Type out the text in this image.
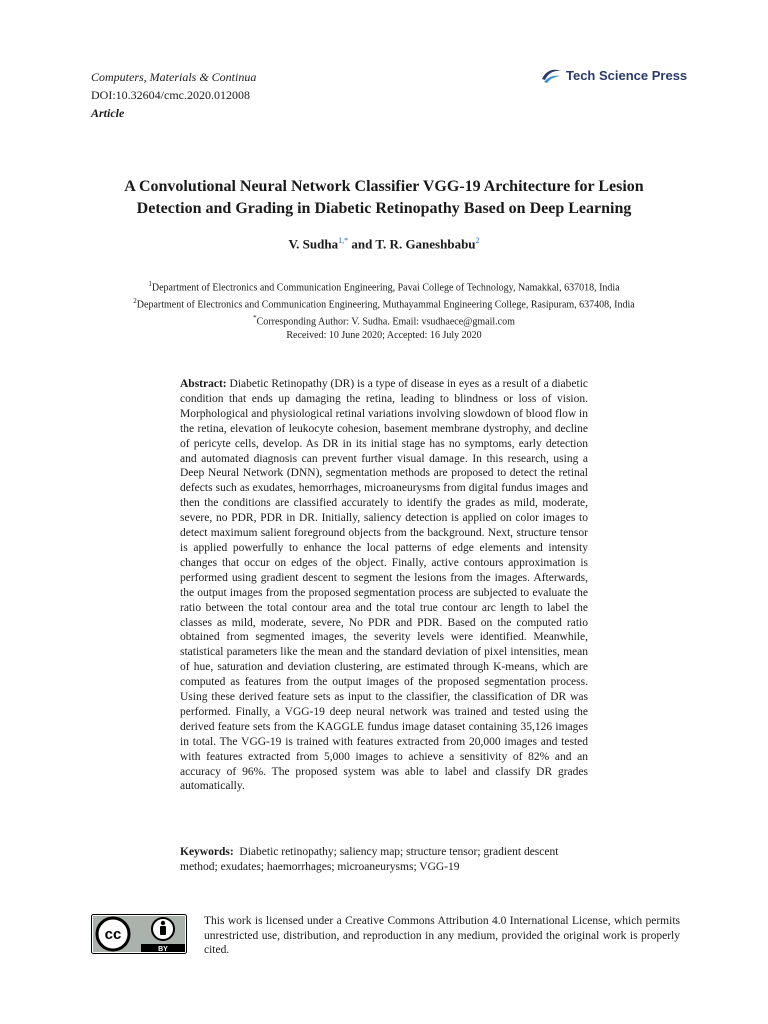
Computers, Materials & Continua
DOI:10.32604/cmc.2020.012008
Article
Tech Science Press
A Convolutional Neural Network Classifier VGG-19 Architecture for Lesion
Detection and Grading in Diabetic Retinopathy Based on Deep Learning
V. Sudha$^{1,*}$ and T. R. Ganeshbabu$^2$
$^1$Department of Electronics and Communication Engineering, Pavai College of Technology, Namakkal, 637018, India
$^2$Department of Electronics and Communication Engineering, Muthayammal Engineering College, Rasipuram, 637408, India
*Corresponding Author: V. Sudha. Email: vsudhaece@gmail.com
Received: 10 June 2020; Accepted: 16 July 2020

Abstract: Diabetic Retinopathy (DR) is a type of disease in eyes as a result of a diabetic condition that ends up damaging the retina, leading to blindness or loss of vision. Morphological and physiological retinal variations involving slowdown of blood flow in the retina, elevation of leukocyte cohesion, basement membrane dystrophy, and decline of pericyte cells, develop. As DR in its initial stage has no symptoms, early detection and automated diagnosis can prevent further visual damage. In this research, using a Deep Neural Network (DNN), segmentation methods are proposed to detect the retinal defects such as exudates, hemorrhages, microaneurysms from digital fundus images and then the conditions are classified accurately to identify the grades as mild, moderate, severe, no PDR, PDR in DR. Initially, saliency detection is applied on color images to detect maximum salient foreground objects from the background. Next, structure tensor is applied powerfully to enhance the local patterns of edge elements and intensity changes that occur on edges of the object. Finally, active contours approximation is performed using gradient descent to segment the lesions from the images. Afterwards, the output images from the proposed segmentation process are subjected to evaluate the ratio between the total contour area and the total true contour arc length to label the classes as mild, moderate, severe, No PDR and PDR. Based on the computed ratio obtained from segmented images, the severity levels were identified. Meanwhile, statistical parameters like the mean and the standard deviation of pixel intensities, mean of hue, saturation and deviation clustering, are estimated through K-means, which are computed as features from the output images of the proposed segmentation process. Using these derived feature sets as input to the classifier, the classification of DR was performed. Finally, a VGG-19 deep neural network was trained and tested using the derived feature sets from the KAGGLE fundus image dataset containing 35,126 images in total. The VGG-19 is trained with features extracted from 20,000 images and tested with features extracted from 5,000 images to achieve a sensitivity of 82% and an accuracy of 96%. The proposed system was able to label and classify DR grades automatically.

Keywords: Diabetic retinopathy; saliency map; structure tensor; gradient descent method; exudates; haemorrhages; microaneurysms; VGG-19

cc
BY

This work is licensed under a Creative Commons Attribution 4.0 International License, which permits unrestricted use, distribution, and reproduction in any medium, provided the original work is properly cited.
